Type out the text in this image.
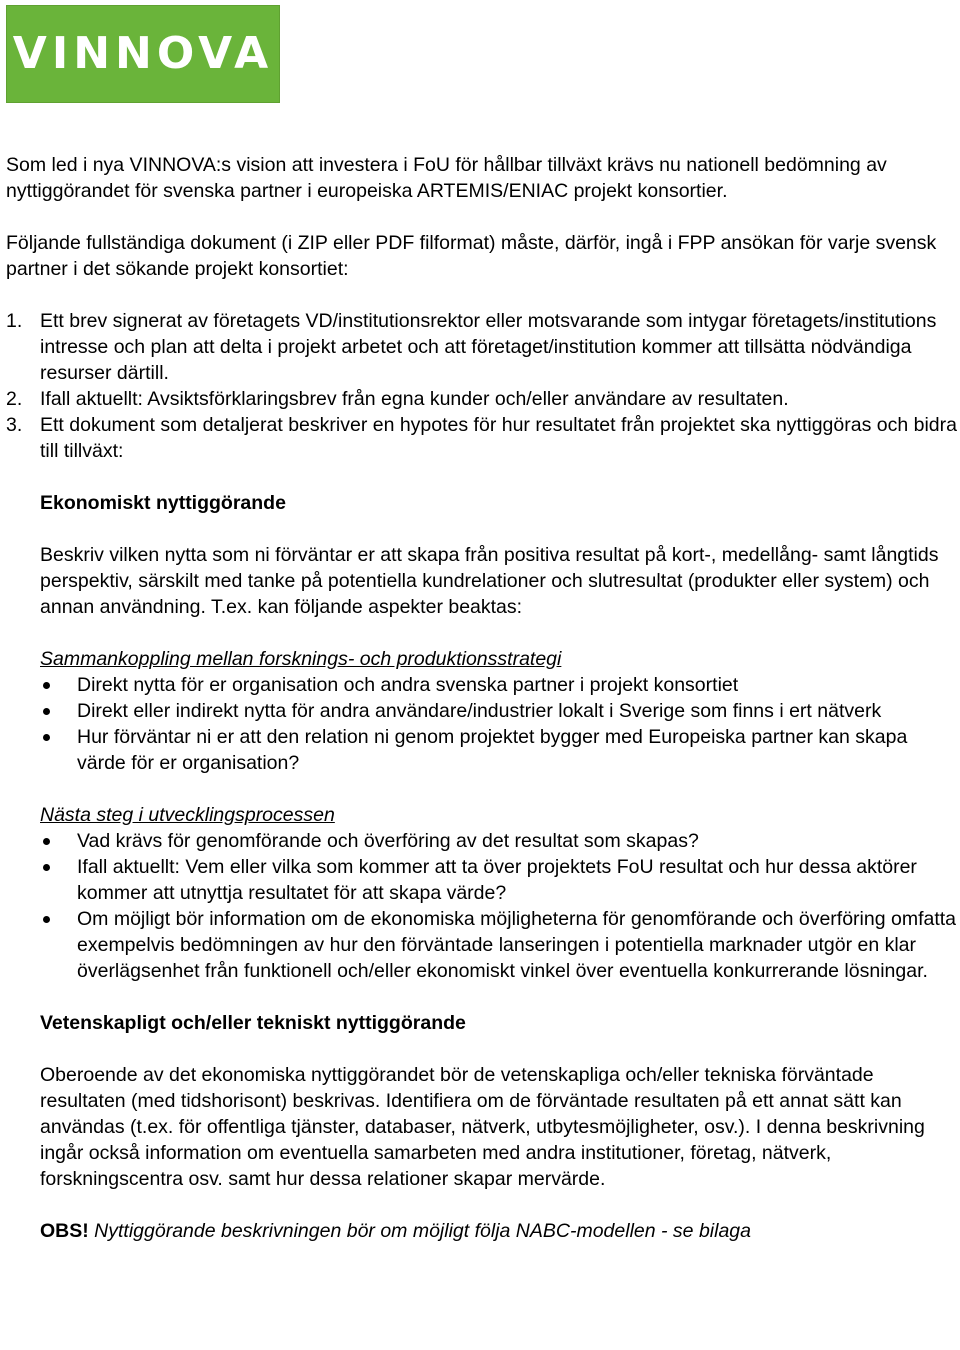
VINNOVA

Som led i nya VINNOVA:s vision att investera i FoU för hållbar tillväxt krävs nu nationell bedömning av nyttiggörandet för svenska partner i europeiska ARTEMIS/ENIAC projekt konsortier.

Följande fullständiga dokument (i ZIP eller PDF filformat) måste, därför, ingå i FPP ansökan för varje svensk partner i det sökande projekt konsortiet:

1. Ett brev signerat av företagets VD/institutionsrektor eller motsvarande som intygar företagets/institutions intresse och plan att delta i projekt arbetet och att företaget/institution kommer att tillsätta nödvändiga resurser därtill.
2. Ifall aktuellt: Avsiktsförklaringsbrev från egna kunder och/eller användare av resultaten.
3. Ett dokument som detaljerat beskriver en hypotes för hur resultatet från projektet ska nyttiggöras och bidra till tillväxt:

Ekonomiskt nyttiggörande

Beskriv vilken nytta som ni förväntar er att skapa från positiva resultat på kort-, medellång- samt långtids perspektiv, särskilt med tanke på potentiella kundrelationer och slutresultat (produkter eller system) och annan användning. T.ex. kan följande aspekter beaktas:

Sammankoppling mellan forsknings- och produktionsstrategi

Direkt nytta för er organisation och andra svenska partner i projekt konsortiet
Direkt eller indirekt nytta för andra användare/industrier lokalt i Sverige som finns i ert nätverk
Hur förväntar ni er att den relation ni genom projektet bygger med Europeiska partner kan skapa värde för er organisation?

Nästa steg i utvecklingsprocessen

Vad krävs för genomförande och överföring av det resultat som skapas?
Ifall aktuellt: Vem eller vilka som kommer att ta över projektets FoU resultat och hur dessa aktörer kommer att utnyttja resultatet för att skapa värde?
Om möjligt bör information om de ekonomiska möjligheterna för genomförande och överföring omfatta exempelvis bedömningen av hur den förväntade lanseringen i potentiella marknader utgör en klar överlägsenhet från funktionell och/eller ekonomiskt vinkel över eventuella konkurrerande lösningar.

Vetenskapligt och/eller tekniskt nyttiggörande

Oberoende av det ekonomiska nyttiggörandet bör de vetenskapliga och/eller tekniska förväntade resultaten (med tidshorisont) beskrivas. Identifiera om de förväntade resultaten på ett annat sätt kan användas (t.ex. för offentliga tjänster, databaser, nätverk, utbytesmöjligheter, osv.). I denna beskrivning ingår också information om eventuella samarbeten med andra institutioner, företag, nätverk, forskningscentra osv. samt hur dessa relationer skapar mervärde.

OBS! Nyttiggörande beskrivningen bör om möjligt följa NABC-modellen - se bilaga
